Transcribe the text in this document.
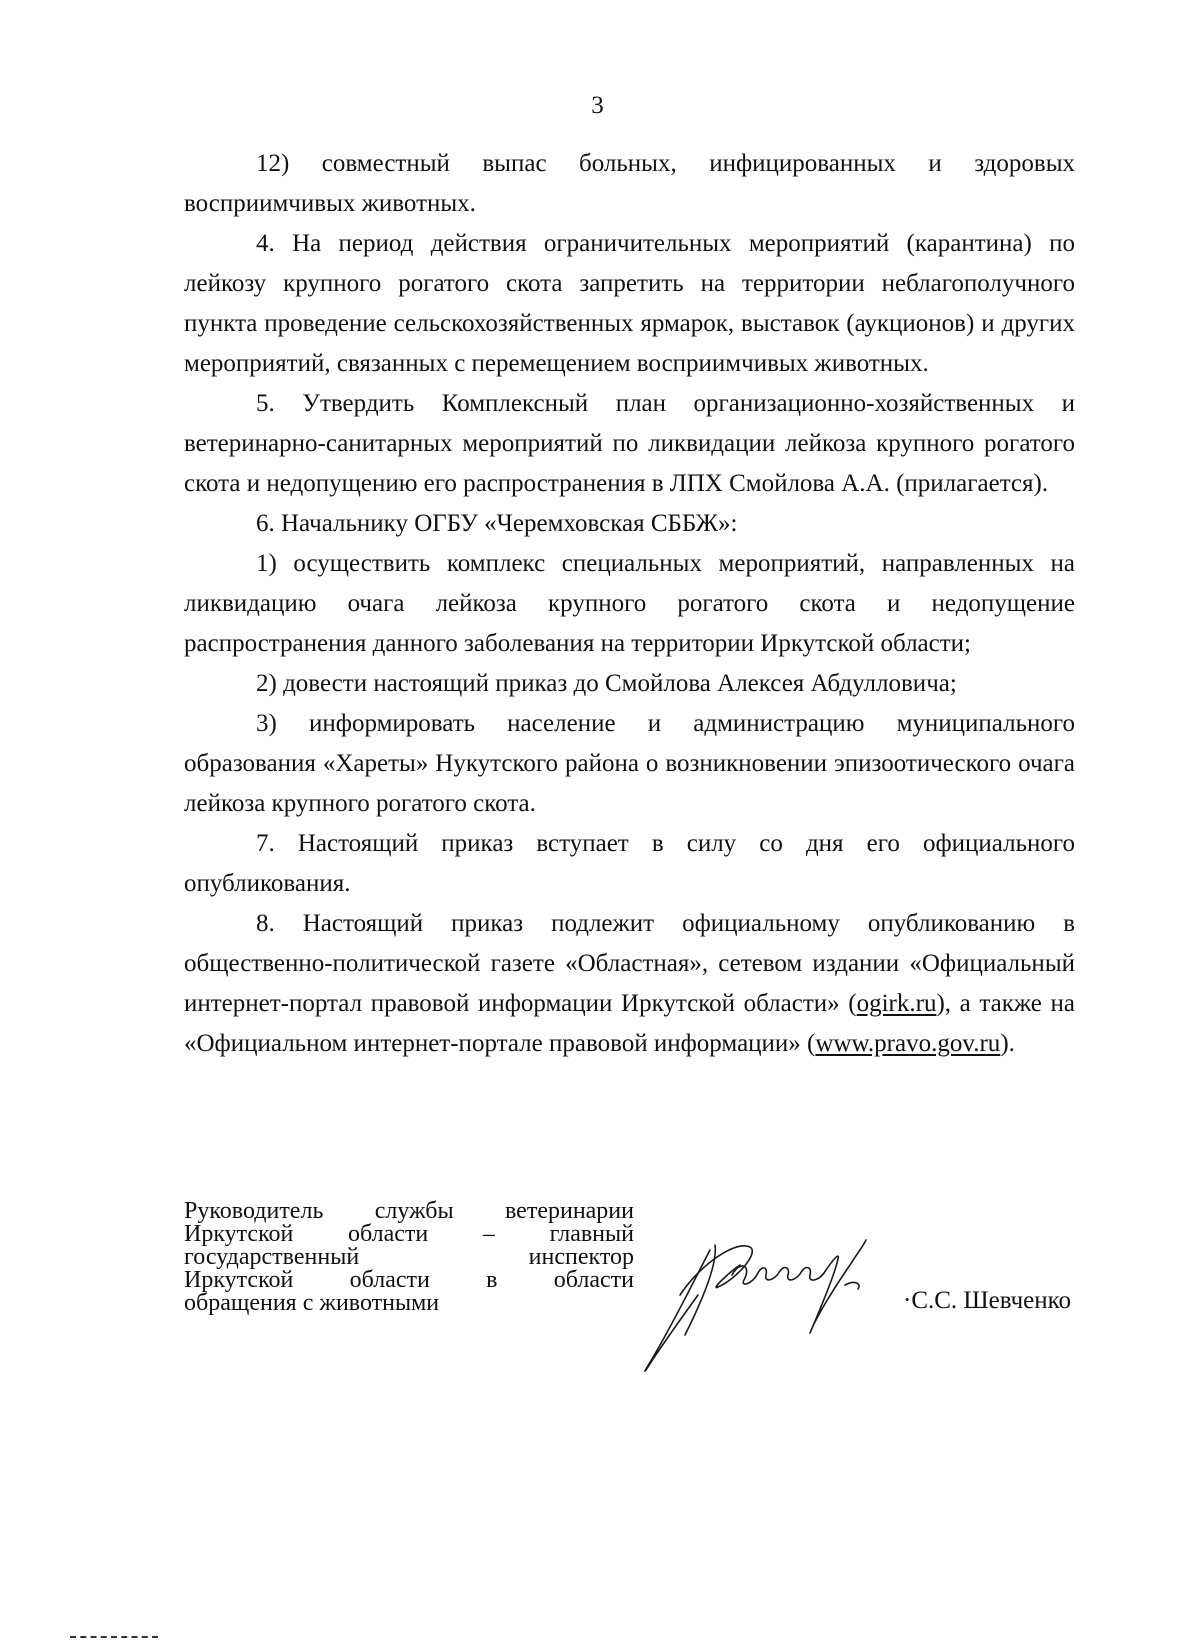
3

12) совместный выпас больных, инфицированных и здоровых восприимчивых животных.

4. На период действия ограничительных мероприятий (карантина) по лейкозу крупного рогатого скота запретить на территории неблагополучного пункта проведение сельскохозяйственных ярмарок, выставок (аукционов) и других мероприятий, связанных с перемещением восприимчивых животных.

5. Утвердить Комплексный план организационно-хозяйственных и ветеринарно-санитарных мероприятий по ликвидации лейкоза крупного рогатого скота и недопущению его распространения в ЛПХ Смойлова А.А. (прилагается).

6. Начальнику ОГБУ «Черемховская СББЖ»:

1) осуществить комплекс специальных мероприятий, направленных на ликвидацию очага лейкоза крупного рогатого скота и недопущение распространения данного заболевания на территории Иркутской области;

2) довести настоящий приказ до Смойлова Алексея Абдулловича;

3) информировать население и администрацию муниципального образования «Хареты» Нукутского района о возникновении эпизоотического очага лейкоза крупного рогатого скота.

7. Настоящий приказ вступает в силу со дня его официального опубликования.

8. Настоящий приказ подлежит официальному опубликованию в общественно-политической газете «Областная», сетевом издании «Официальный интернет-портал правовой информации Иркутской области» (ogirk.ru), а также на «Официальном интернет-портале правовой информации» (www.pravo.gov.ru).

Руководитель службы ветеринарии
Иркутской области – главный
государственный инспектор
Иркутской области в области
обращения с животными	·С.С. Шевченко
